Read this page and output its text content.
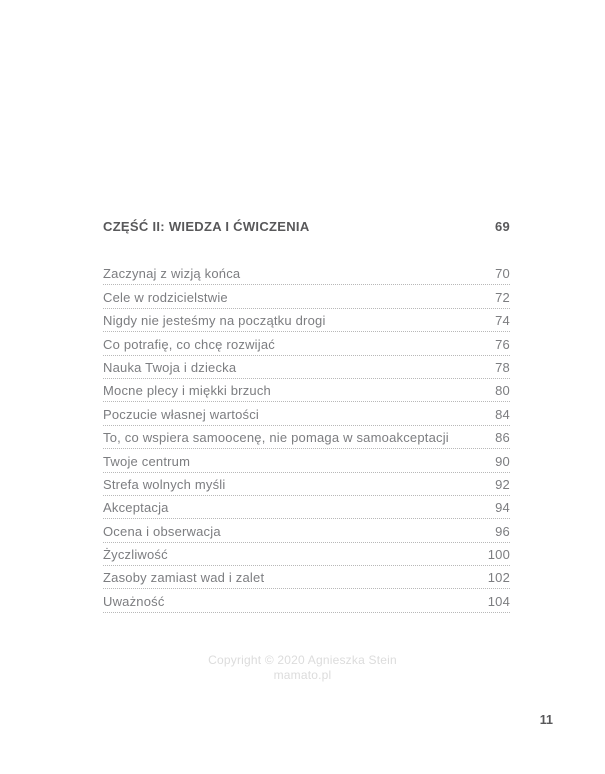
CZĘŚĆ II: WIEDZA I ĆWICZENIA	69
Zaczynaj z wizją końca	70
Cele w rodzicielstwie	72
Nigdy nie jesteśmy na początku drogi	74
Co potrafię, co chcę rozwijać	76
Nauka Twoja i dziecka	78
Mocne plecy i miękki brzuch	80
Poczucie własnej wartości	84
To, co wspiera samoocenę, nie pomaga w samoakceptacji	86
Twoje centrum	90
Strefa wolnych myśli	92
Akceptacja	94
Ocena i obserwacja	96
Życzliwość	100
Zasoby zamiast wad i zalet	102
Uważność	104
Copyright © 2020 Agnieszka Stein
mamato.pl
11
